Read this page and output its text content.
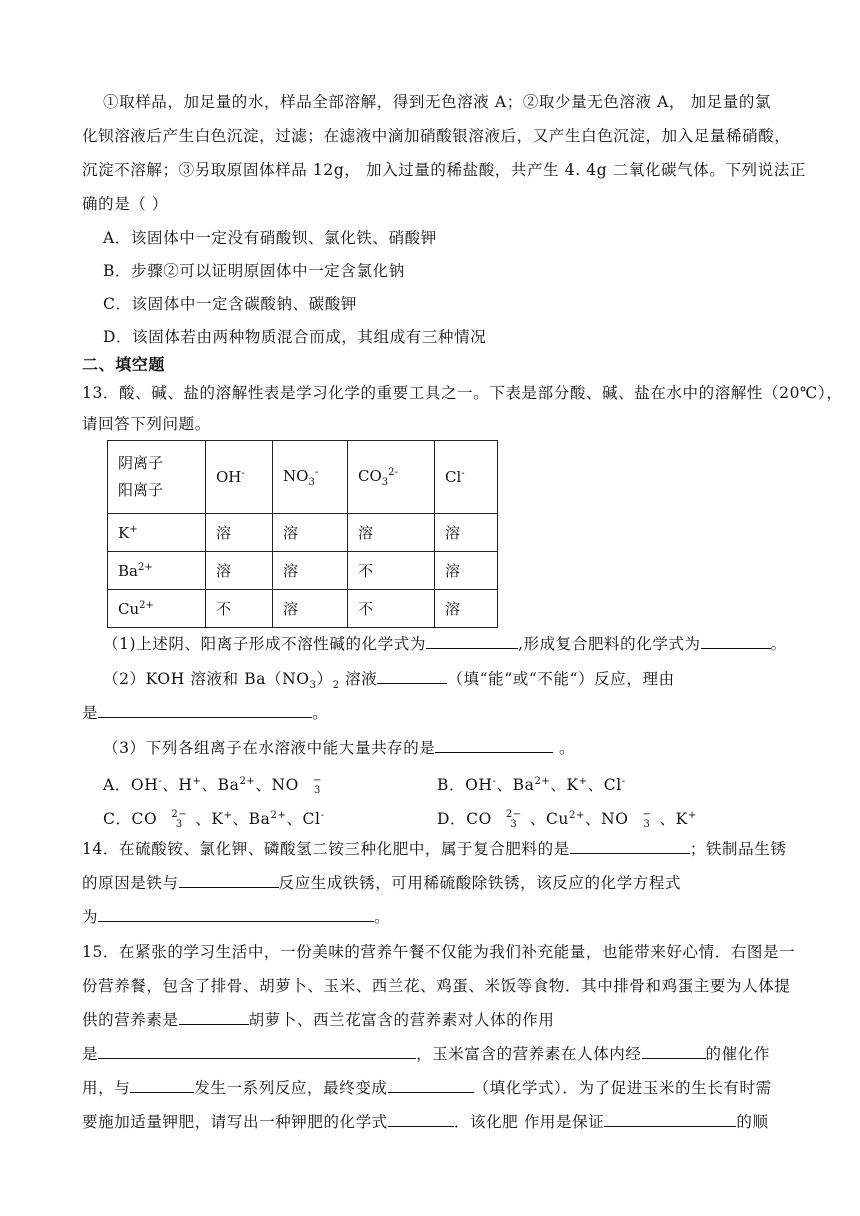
①取样品，加足量的水，样品全部溶解，得到无色溶液 A；②取少量无色溶液 A， 加足量的氯
化钡溶液后产生白色沉淀，过滤；在滤液中滴加硝酸银溶液后，又产生白色沉淀，加入足量稀硝酸，
沉淀不溶解；③另取原固体样品 12g， 加入过量的稀盐酸，共产生 4. 4g 二氧化碳气体。下列说法正
确的是（ ）
A．该固体中一定没有硝酸钡、氯化铁、硝酸钾
B．步骤②可以证明原固体中一定含氯化钠
C．该固体中一定含碳酸钠、碳酸钾
D．该固体若由两种物质混合而成，其组成有三种情况
二、填空题
13．酸、碱、盐的溶解性表是学习化学的重要工具之一。下表是部分酸、碱、盐在水中的溶解性（20℃），
请回答下列问题。
阴离子
阳离子	OH-	$NO_3^-$	$CO_3^{2-}$	Cl-
K+	溶	溶	溶	溶
$Ba^{2+}$	溶	溶	不	溶
$Cu^{2+}$	不	溶	不	溶
（1)上述阴、阳离子形成不溶性碱的化学式为	,形成复合肥料的化学式为	。
（2）KOH 溶液和 $Ba(NO_3)_2$ 溶液	（填“能“或“不能“）反应，理由
是	。
（3）下列各组离子在水溶液中能大量共存的是	。
A．OH-、H+、$Ba^{2+}$、NO −
3	B．OH-、$Ba^{2+}$、K+、Cl-
C．CO 2−
3 、K+、$Ba^{2+}$、Cl-	D．CO 2−
3 、$Cu^{2+}$、NO −
3 、K+
14．在硫酸铵、氯化钾、磷酸氢二铵三种化肥中，属于复合肥料的是	；铁制品生锈
的原因是铁与	反应生成铁锈，可用稀硫酸除铁锈，该反应的化学方程式
为	。
15．在紧张的学习生活中，一份美味的营养午餐不仅能为我们补充能量，也能带来好心情．右图是一
份营养餐，包含了排骨、胡萝卜、玉米、西兰花、鸡蛋、米饭等食物．其中排骨和鸡蛋主要为人体提
供的营养素是	胡萝卜、西兰花富含的营养素对人体的作用
是	，玉米富含的营养素在人体内经	的催化作
用，与	发生一系列反应，最终变成	（填化学式）．为了促进玉米的生长有时需
要施加适量钾肥，请写出一种钾肥的化学式	．该化肥 作用是保证	的顺
